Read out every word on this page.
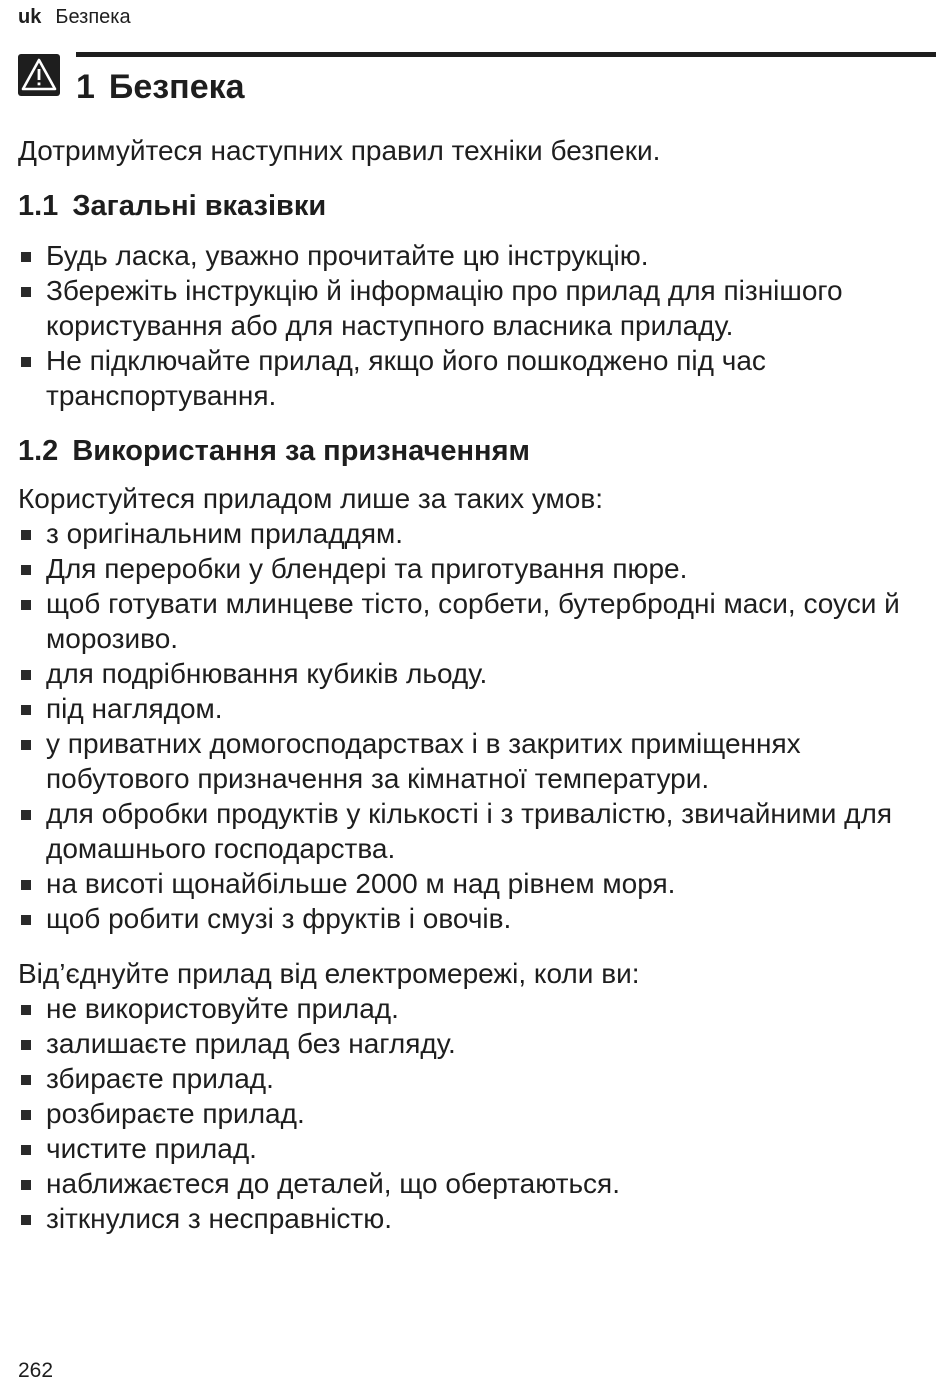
uk Безпека
1 Безпека

Дотримуйтеся наступних правил техніки безпеки.

1.1 Загальні вказівки
Будь ласка, уважно прочитайте цю інструкцію.
Збережіть інструкцію й інформацію про прилад для пізнішого користування або для наступного власника приладу.
Не підключайте прилад, якщо його пошкоджено під час транспортування.
1.2 Використання за призначенням

Користуйтеся приладом лише за таких умов:

з оригінальним приладдям.
Для переробки у блендері та приготування пюре.
щоб готувати млинцеве тісто, сорбети, бутербродні маси, соуси й морозиво.
для подрібнювання кубиків льоду.
під наглядом.
у приватних домогосподарствах і в закритих приміщеннях побутового призначення за кімнатної температури.
для обробки продуктів у кількості і з тривалістю, звичайними для домашнього господарства.
на висоті щонайбільше 2000 м над рівнем моря.
щоб робити смузі з фруктів і овочів.

Від’єднуйте прилад від електромережі, коли ви:

не використовуйте прилад.
залишаєте прилад без нагляду.
збираєте прилад.
розбираєте прилад.
чистите прилад.
наближаєтеся до деталей, що обертаються.
зіткнулися з несправністю.
262
